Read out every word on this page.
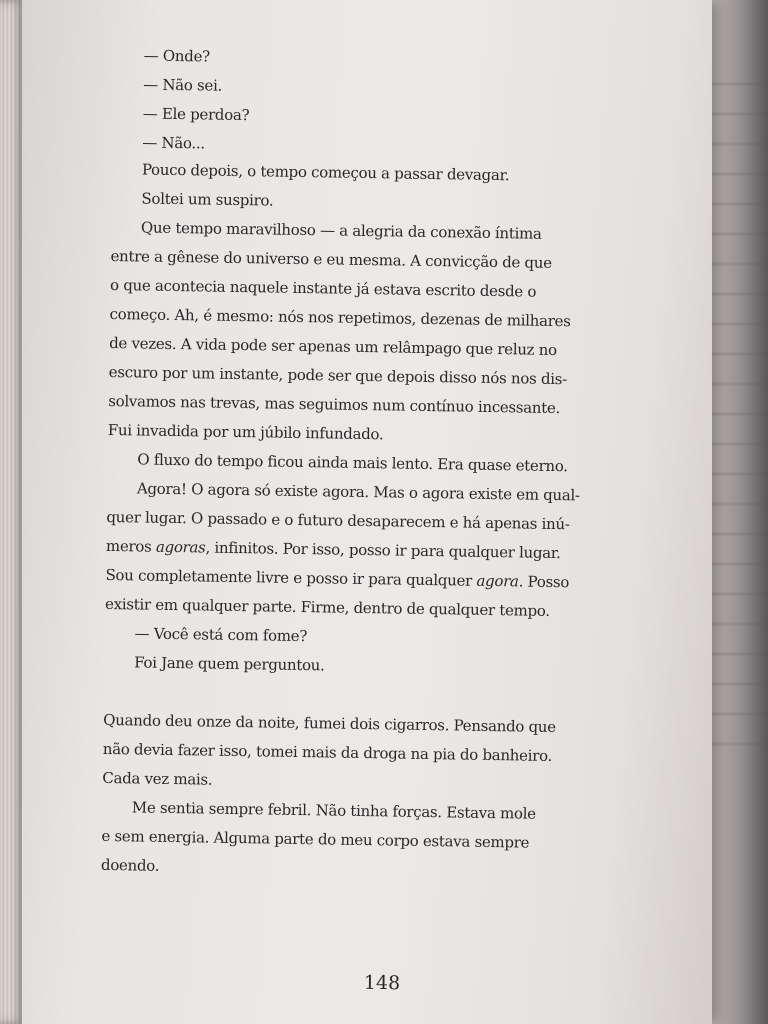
— Onde?
— Não sei.
— Ele perdoa?
— Não...
Pouco depois, o tempo começou a passar devagar.
Soltei um suspiro.
Que tempo maravilhoso — a alegria da conexão íntima
entre a gênese do universo e eu mesma. A convicção de que
o que acontecia naquele instante já estava escrito desde o
começo. Ah, é mesmo: nós nos repetimos, dezenas de milhares
de vezes. A vida pode ser apenas um relâmpago que reluz no
escuro por um instante, pode ser que depois disso nós nos dis-
solvamos nas trevas, mas seguimos num contínuo incessante.
Fui invadida por um júbilo infundado.
O fluxo do tempo ficou ainda mais lento. Era quase eterno.
Agora! O agora só existe agora. Mas o agora existe em qual-
quer lugar. O passado e o futuro desaparecem e há apenas inú-
meros agoras, infinitos. Por isso, posso ir para qualquer lugar.
Sou completamente livre e posso ir para qualquer agora. Posso
existir em qualquer parte. Firme, dentro de qualquer tempo.
— Você está com fome?
Foi Jane quem perguntou.
Quando deu onze da noite, fumei dois cigarros. Pensando que
não devia fazer isso, tomei mais da droga na pia do banheiro.
Cada vez mais.
Me sentia sempre febril. Não tinha forças. Estava mole
e sem energia. Alguma parte do meu corpo estava sempre
doendo.
148
